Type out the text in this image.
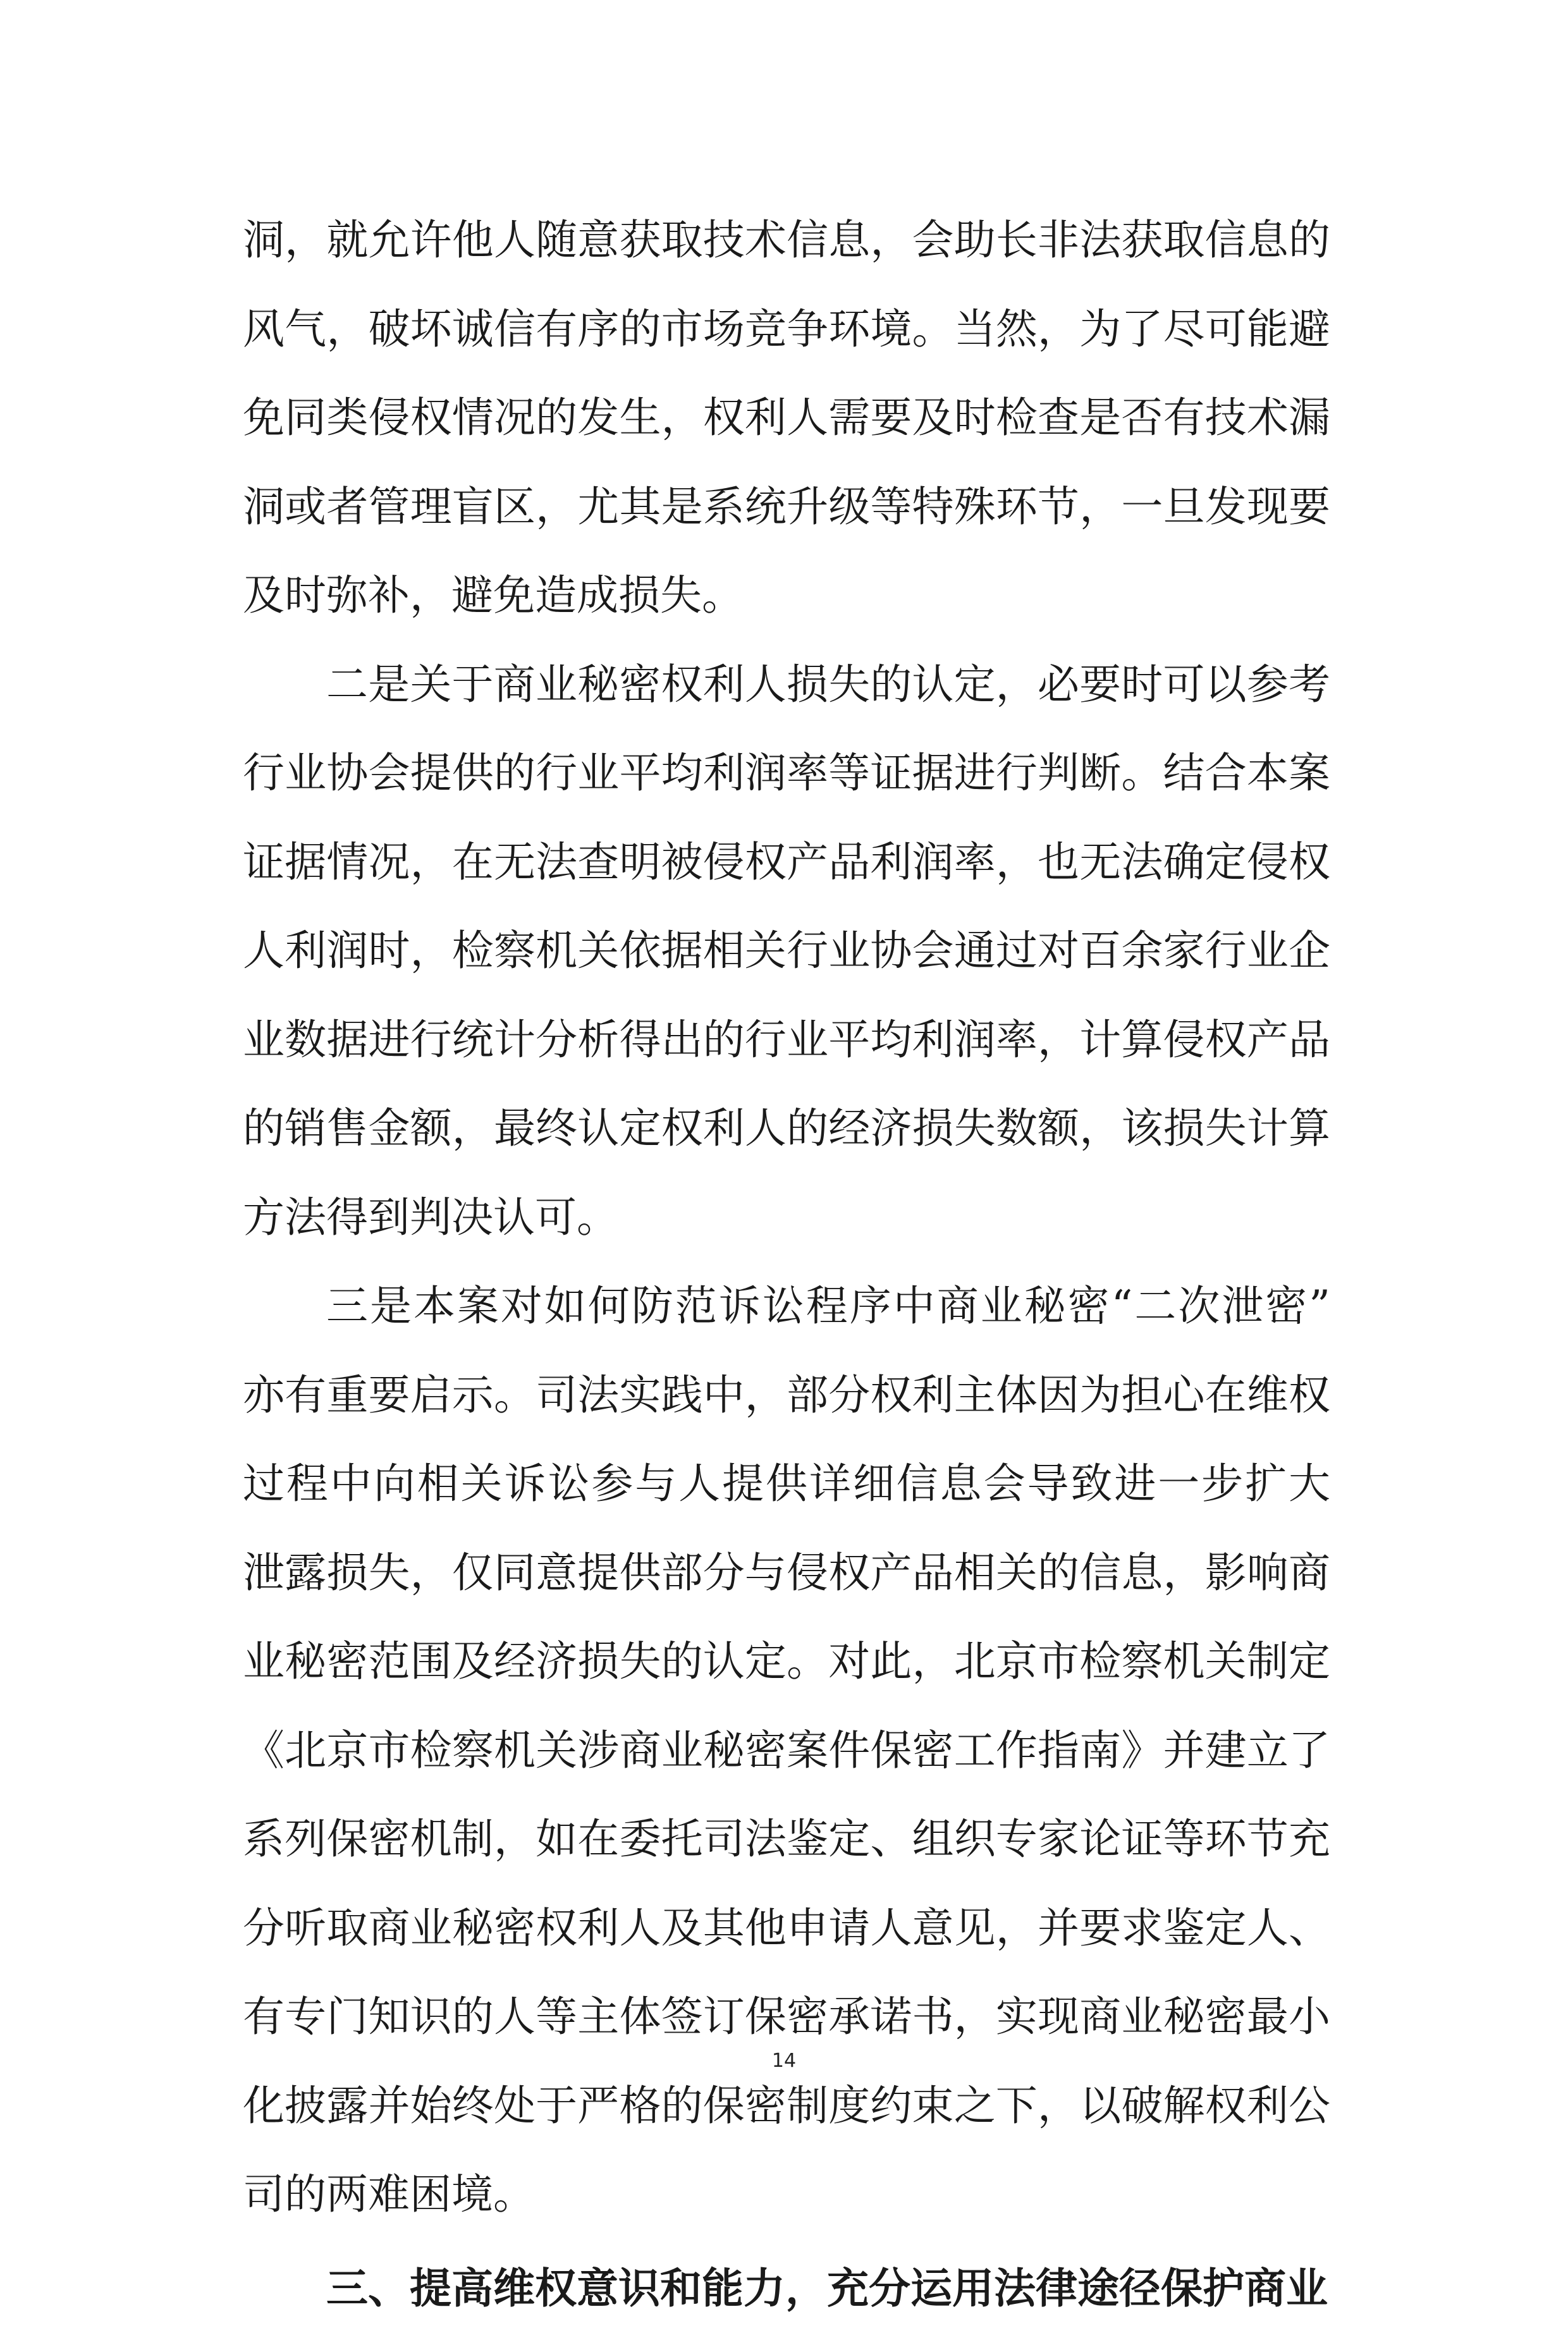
洞，就允许他人随意获取技术信息，会助长非法获取信息的
风气，破坏诚信有序的市场竞争环境。当然，为了尽可能避
免同类侵权情况的发生，权利人需要及时检查是否有技术漏
洞或者管理盲区，尤其是系统升级等特殊环节，一旦发现要
及时弥补，避免造成损失。
二是关于商业秘密权利人损失的认定，必要时可以参考
行业协会提供的行业平均利润率等证据进行判断。结合本案
证据情况，在无法查明被侵权产品利润率，也无法确定侵权
人利润时，检察机关依据相关行业协会通过对百余家行业企
业数据进行统计分析得出的行业平均利润率，计算侵权产品
的销售金额，最终认定权利人的经济损失数额，该损失计算
方法得到判决认可。
三是本案对如何防范诉讼程序中商业秘密“二次泄密”
亦有重要启示。司法实践中，部分权利主体因为担心在维权
过程中向相关诉讼参与人提供详细信息会导致进一步扩大
泄露损失，仅同意提供部分与侵权产品相关的信息，影响商
业秘密范围及经济损失的认定。对此，北京市检察机关制定
《北京市检察机关涉商业秘密案件保密工作指南》并建立了
系列保密机制，如在委托司法鉴定、组织专家论证等环节充
分听取商业秘密权利人及其他申请人意见，并要求鉴定人、
有专门知识的人等主体签订保密承诺书，实现商业秘密最小
化披露并始终处于严格的保密制度约束之下，以破解权利公
司的两难困境。
三、提高维权意识和能力，充分运用法律途径保护商业
14
